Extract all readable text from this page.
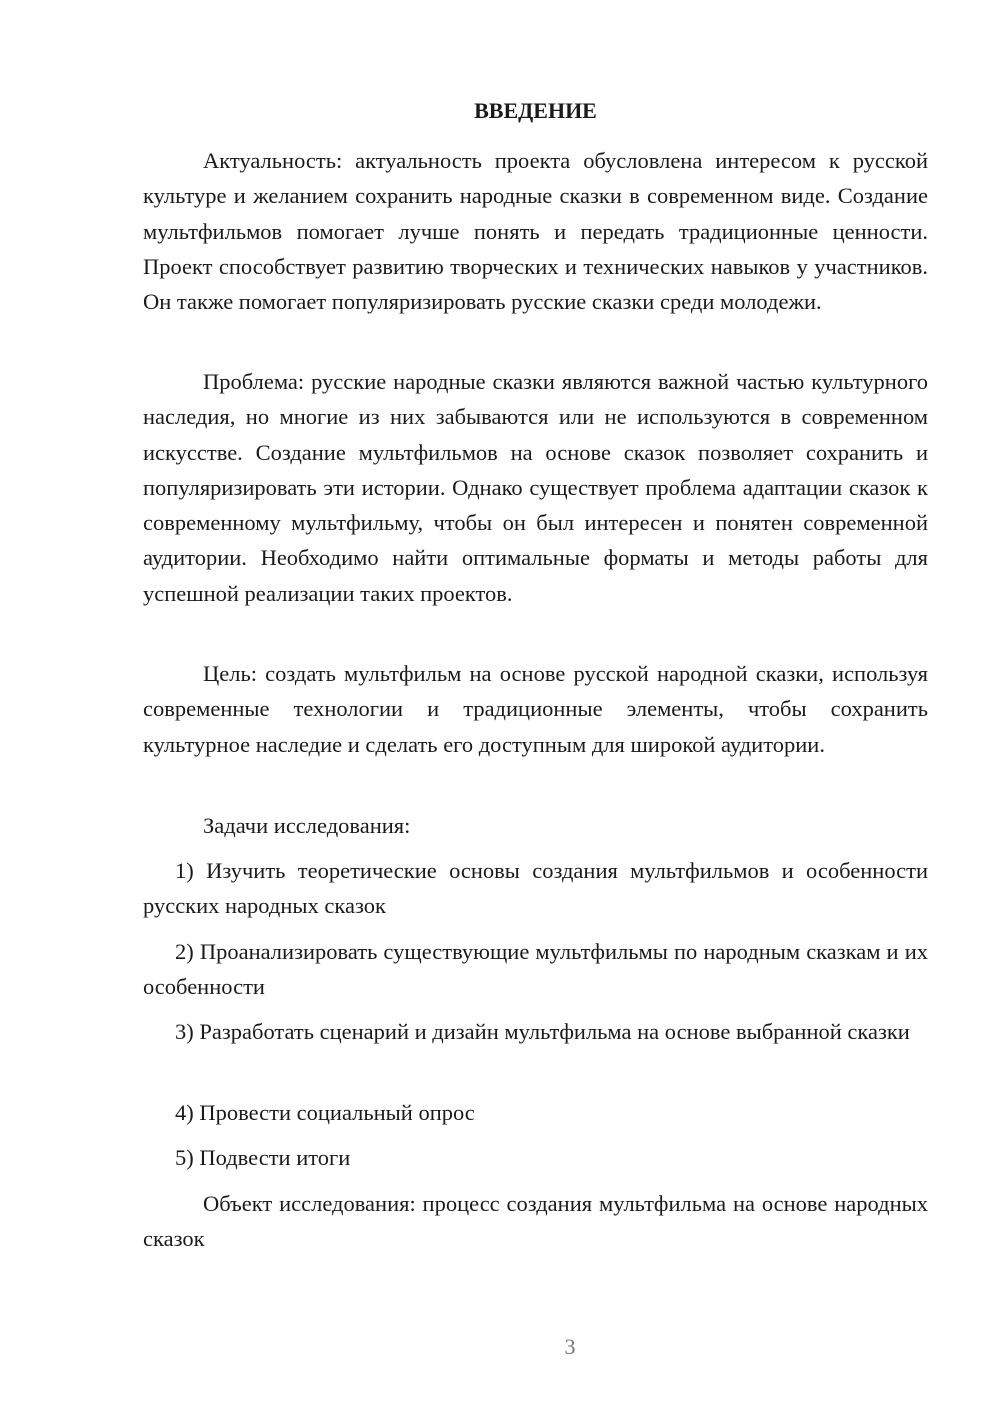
ВВЕДЕНИЕ

Актуальность: актуальность проекта обусловлена интересом к русской культуре и желанием сохранить народные сказки в современном виде. Создание мультфильмов помогает лучше понять и передать традиционные ценности. Проект способствует развитию творческих и технических навыков у участников. Он также помогает популяризировать русские сказки среди молодежи.

Проблема: русские народные сказки являются важной частью культурного наследия, но многие из них забываются или не используются в современном искусстве. Создание мультфильмов на основе сказок позволяет сохранить и популяризировать эти истории. Однако существует проблема адаптации сказок к современному мультфильму, чтобы он был интересен и понятен современной аудитории. Необходимо найти оптимальные форматы и методы работы для успешной реализации таких проектов.

Цель: создать мультфильм на основе русской народной сказки, используя современные технологии и традиционные элементы, чтобы сохранить культурное наследие и сделать его доступным для широкой аудитории.

Задачи исследования:

1) Изучить теоретические основы создания мультфильмов и особенности русских народных сказок

2) Проанализировать существующие мультфильмы по народным сказкам и их особенности

3) Разработать сценарий и дизайн мультфильма на основе выбранной сказки

4) Провести социальный опрос

5) Подвести итоги

Объект исследования: процесс создания мультфильма на основе народных сказок

3
